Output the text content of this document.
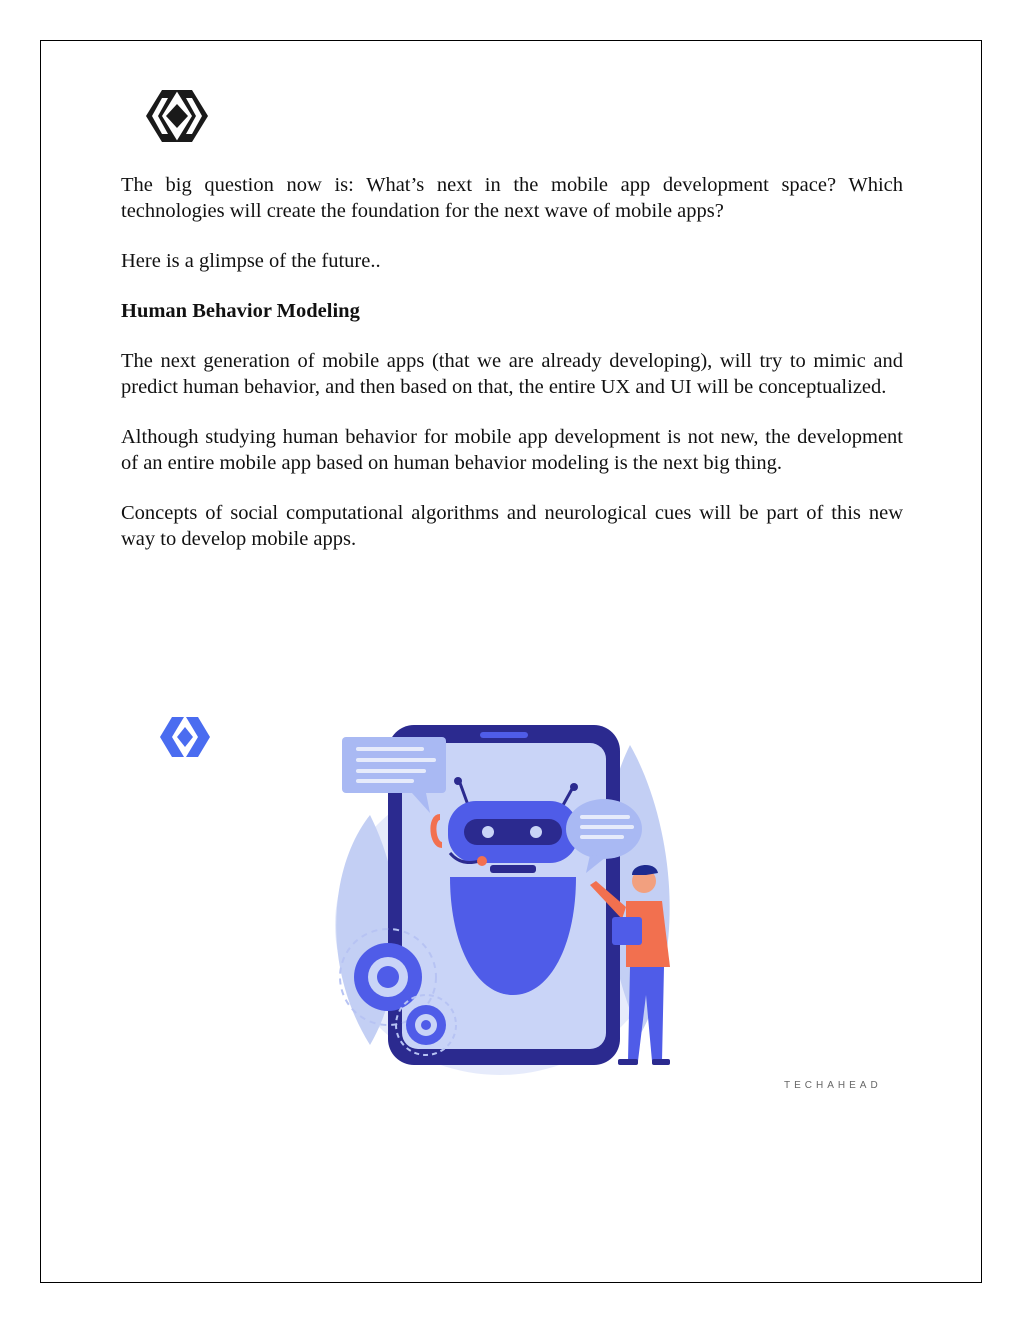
The big question now is: What’s next in the mobile app development space? Which technologies will create the foundation for the next wave of mobile apps?

Here is a glimpse of the future..

Human Behavior Modeling

The next generation of mobile apps (that we are already developing), will try to mimic and predict human behavior, and then based on that, the entire UX and UI will be conceptualized.

Although studying human behavior for mobile app development is not new, the development of an entire mobile app based on human behavior modeling is the next big thing.

Concepts of social computational algorithms and neurological cues will be part of this new way to develop mobile apps.

TECHAHEAD
